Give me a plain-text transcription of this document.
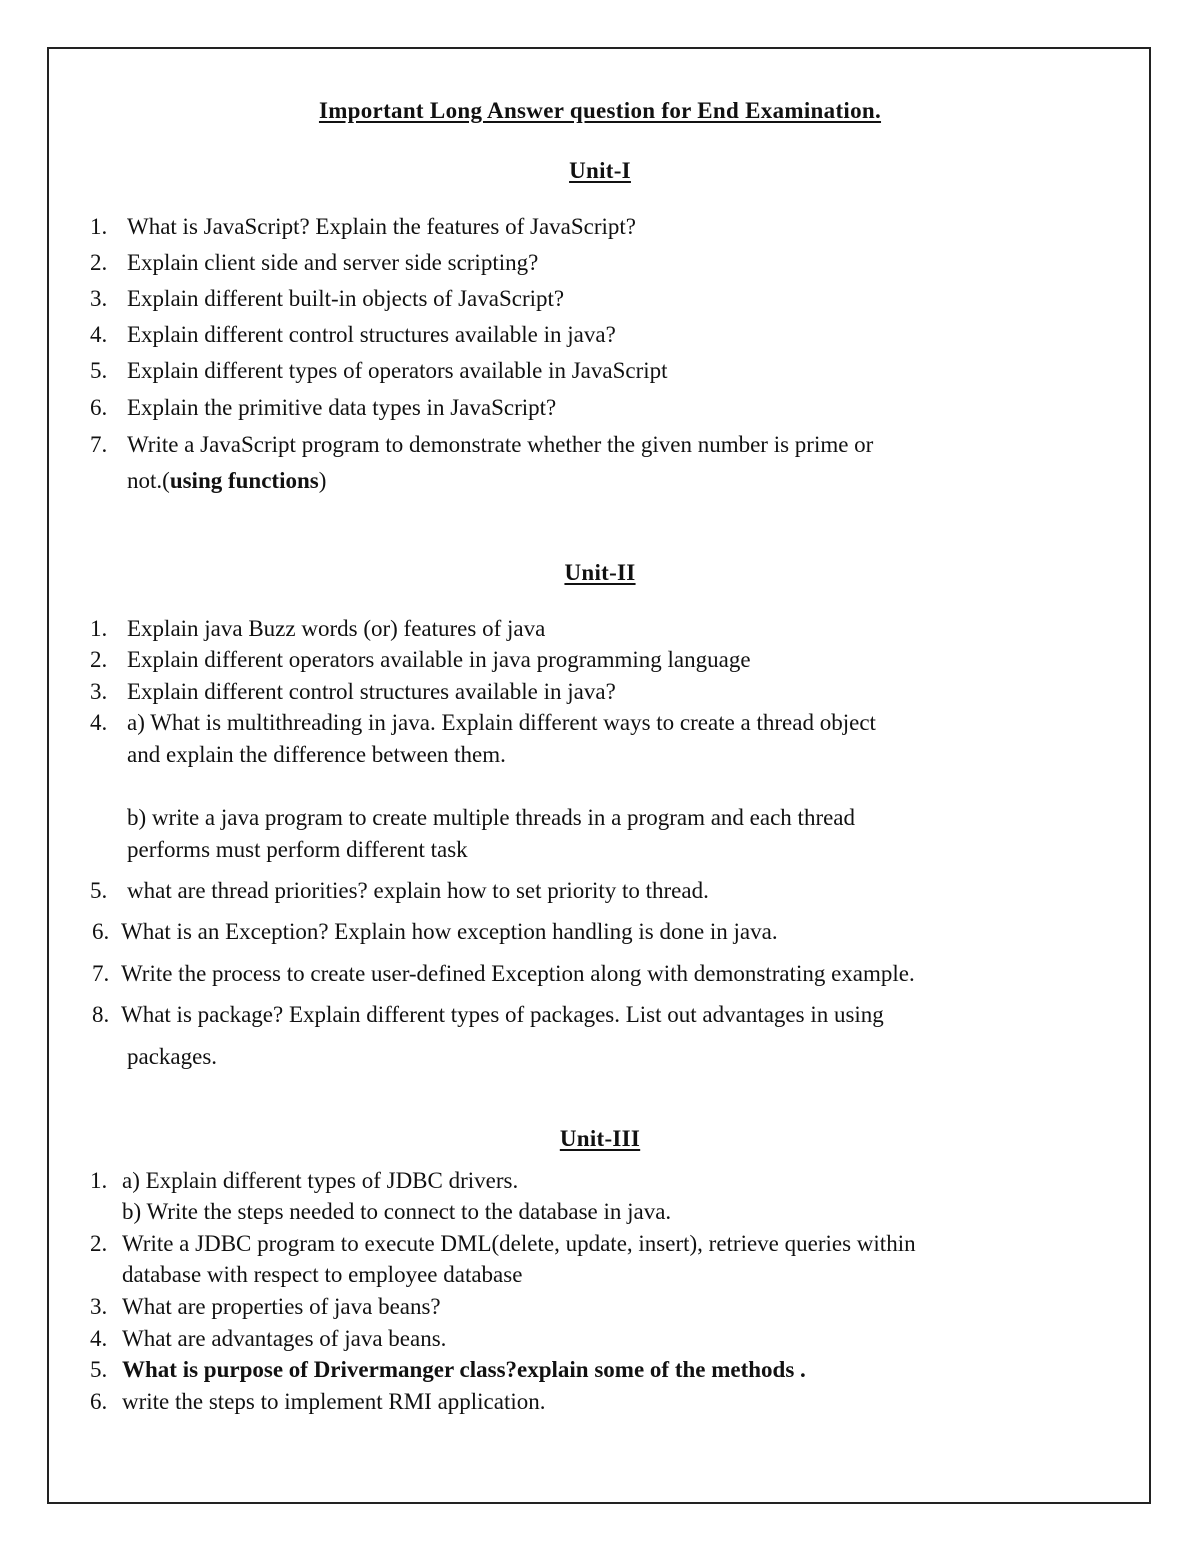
Important Long Answer question for End Examination.
Unit-I
1. What is JavaScript? Explain the features of JavaScript?
2. Explain client side and server side scripting?
3. Explain different built-in objects of JavaScript?
4. Explain different control structures available in java?
5. Explain different types of operators available in JavaScript
6. Explain the primitive data types in JavaScript?
7. Write a JavaScript program to demonstrate whether the given number is prime or
not.(using functions)
Unit-II
1. Explain java Buzz words (or) features of java
2. Explain different operators available in java programming language
3. Explain different control structures available in java?
4. a) What is multithreading in java. Explain different ways to create a thread object
and explain the difference between them.
b) write a java program to create multiple threads in a program and each thread
performs must perform different task
5. what are thread priorities? explain how to set priority to thread.
6. What is an Exception? Explain how exception handling is done in java.
7. Write the process to create user-defined Exception along with demonstrating example.
8. What is package? Explain different types of packages. List out advantages in using
packages.
Unit-III
1. a) Explain different types of JDBC drivers.
b) Write the steps needed to connect to the database in java.
2. Write a JDBC program to execute DML(delete, update, insert), retrieve queries within
database with respect to employee database
3. What are properties of java beans?
4. What are advantages of java beans.
5. What is purpose of Drivermanger class?explain some of the methods .
6. write the steps to implement RMI application.
